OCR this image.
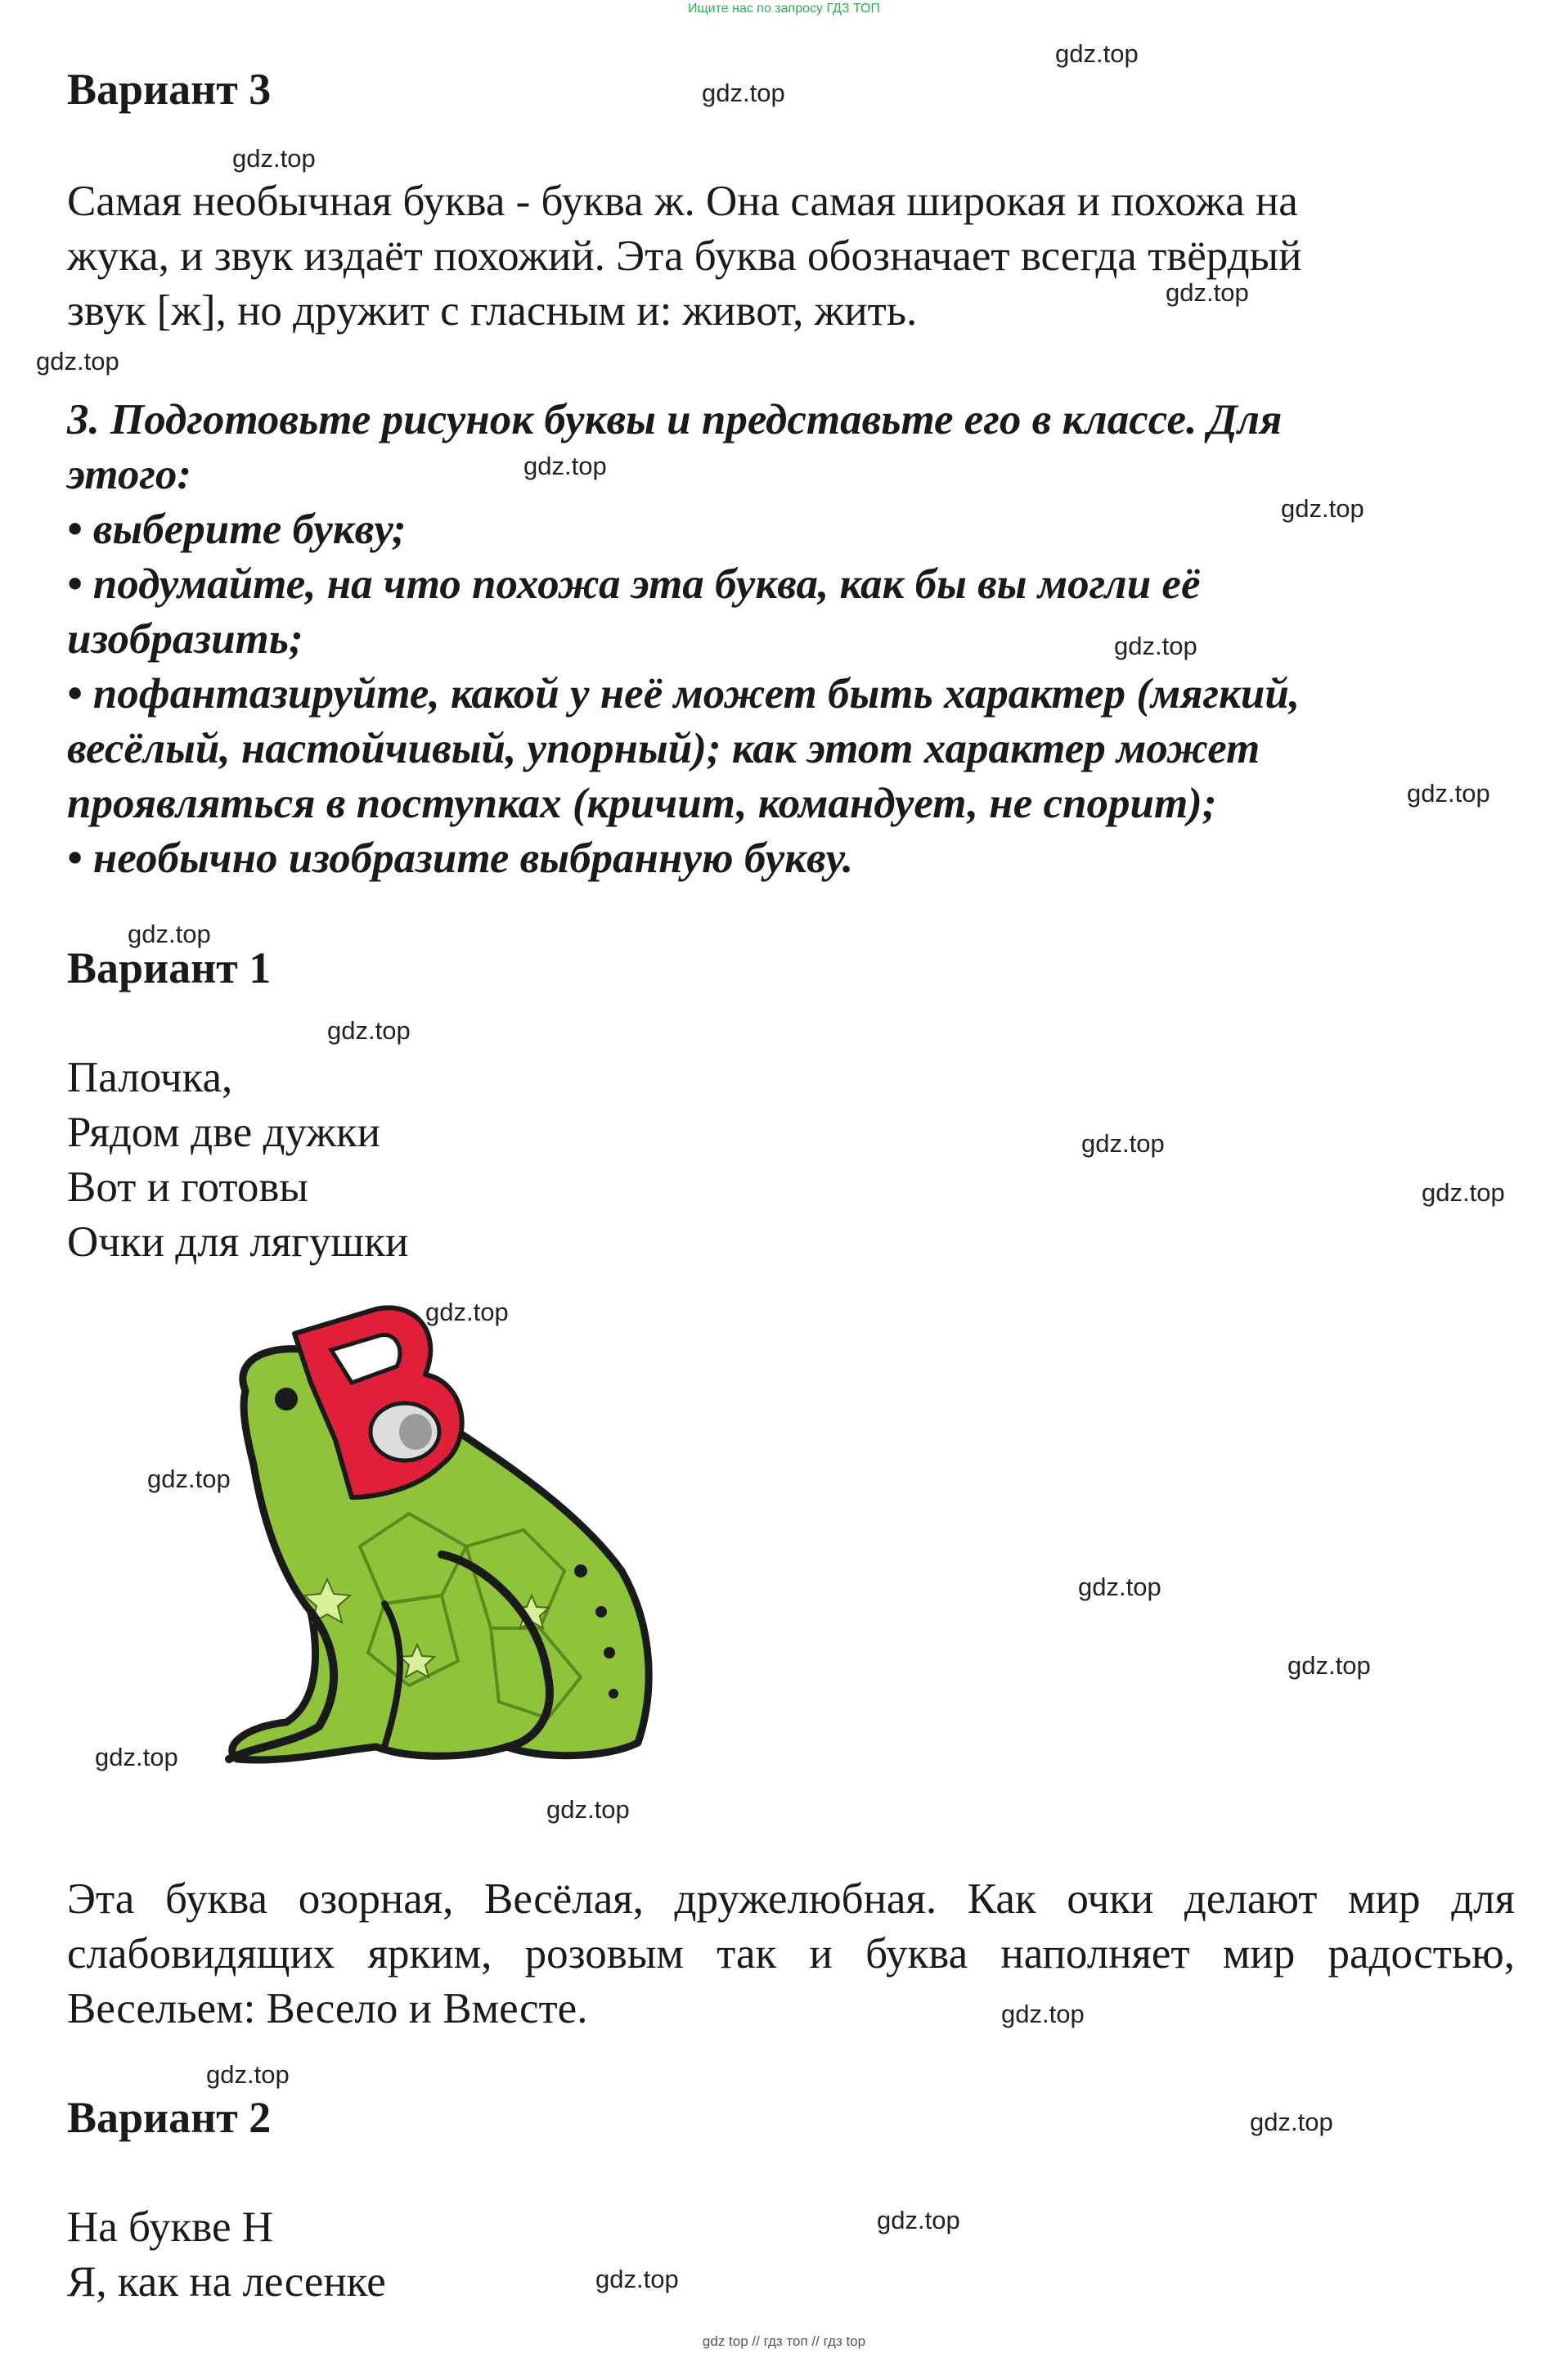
Ищите нас по запросу ГДЗ ТОП
Вариант 3
Самая необычная буква - буква ж. Она самая широкая и похожа на
жука, и звук издаёт похожий. Эта буква обозначает всегда твёрдый
звук [ж], но дружит с гласным и: живот, жить.
3. Подготовьте рисунок буквы и представьте его в классе. Для
этого:
• выберите букву;
• подумайте, на что похожа эта буква, как бы вы могли её
изобразить;
• пофантазируйте, какой у неё может быть характер (мягкий,
весёлый, настойчивый, упорный); как этот характер может
проявляться в поступках (кричит, командует, не спорит);
• необычно изобразите выбранную букву.
Вариант 1
Палочка,
Рядом две дужки
Вот и готовы
Очки для лягушки
В
Эта буква озорная, Весёлая, дружелюбная. Как очки делают мир для
слабовидящих ярким, розовым так и буква наполняет мир радостью,
Весельем: Весело и Вместе.
Вариант 2
На букве Н
Я, как на лесенке
gdz.top
gdz.top
gdz.top
gdz.top
gdz.top
gdz.top
gdz.top
gdz.top
gdz.top
gdz.top
gdz.top
gdz.top
gdz.top
gdz.top
gdz.top
gdz.top
gdz.top
gdz.top
gdz.top
gdz.top
gdz.top
gdz.top
gdz.top
gdz.top
gdz top // гдз топ // гдз top
